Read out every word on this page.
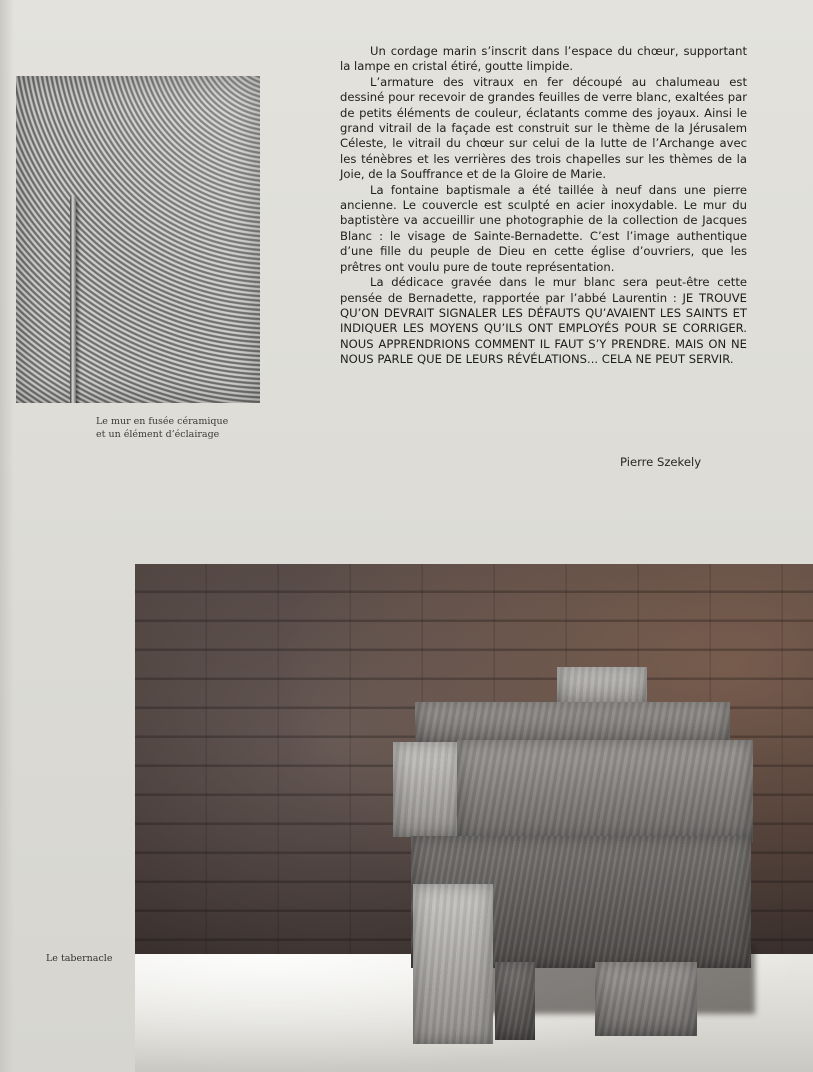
Le mur en fusée céramique
et un élément d’éclairage

Un cordage marin s’inscrit dans l’espace du chœur, supportant la lampe en cristal étiré, goutte limpide.

L’armature des vitraux en fer découpé au chalumeau est dessiné pour recevoir de grandes feuilles de verre blanc, exaltées par de petits éléments de couleur, éclatants comme des joyaux. Ainsi le grand vitrail de la façade est construit sur le thème de la Jérusalem Céleste, le vitrail du chœur sur celui de la lutte de l’Archange avec les ténèbres et les verrières des trois chapelles sur les thèmes de la Joie, de la Souffrance et de la Gloire de Marie.

La fontaine baptismale a été taillée à neuf dans une pierre ancienne. Le couvercle est sculpté en acier inoxydable. Le mur du baptistère va accueillir une photographie de la collection de Jacques Blanc : le visage de Sainte-Bernadette. C’est l’image authentique d’une fille du peuple de Dieu en cette église d’ouvriers, que les prêtres ont voulu pure de toute représentation.

La dédicace gravée dans le mur blanc sera peut-être cette pensée de Bernadette, rapportée par l’abbé Laurentin : JE TROUVE QU’ON DEVRAIT SIGNALER LES DÉFAUTS QU’AVAIENT LES SAINTS ET INDIQUER LES MOYENS QU’ILS ONT EMPLOYÉS POUR SE CORRIGER. NOUS APPRENDRIONS COMMENT IL FAUT S’Y PRENDRE. MAIS ON NE NOUS PARLE QUE DE LEURS RÉVÉLATIONS... CELA NE PEUT SERVIR.

Pierre Szekely
Le tabernacle
